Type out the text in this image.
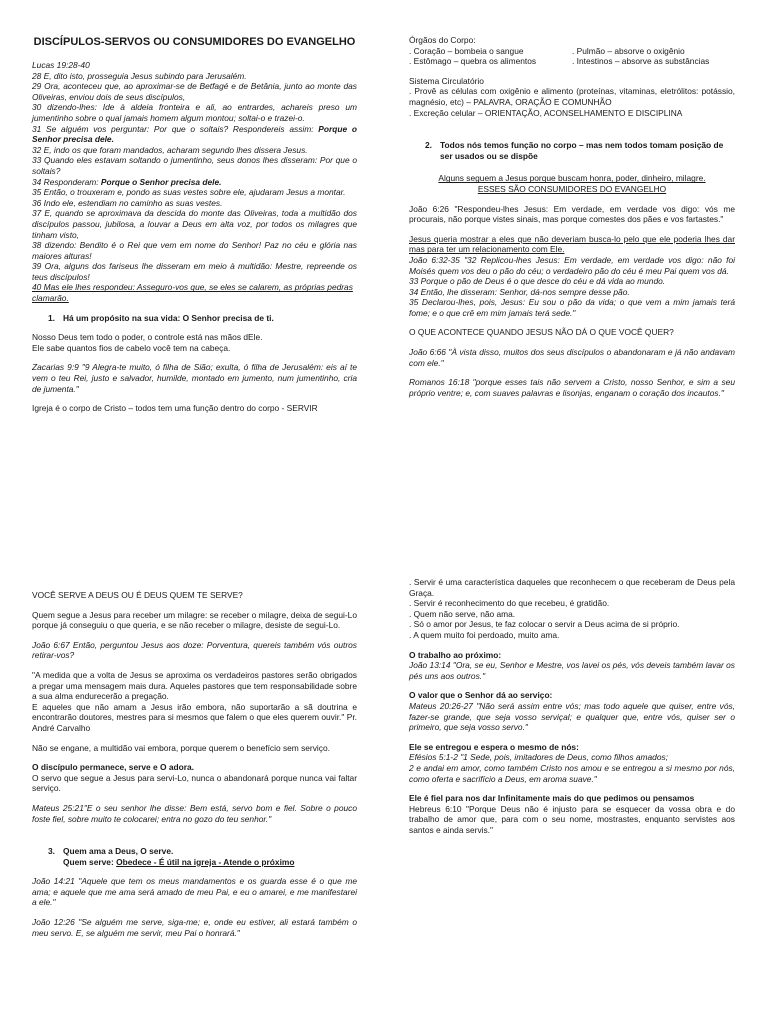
DISCÍPULOS-SERVOS OU CONSUMIDORES DO EVANGELHO

Lucas 19:28-40

28 E, dito isto, prosseguia Jesus subindo para Jerusalém.

29 Ora, aconteceu que, ao aproximar-se de Betfagé e de Betânia, junto ao monte das Oliveiras, enviou dois de seus discípulos,

30 dizendo-lhes: Ide à aldeia fronteira e ali, ao entrardes, achareis preso um jumentinho sobre o qual jamais homem algum montou; soltai-o e trazei-o.

31 Se alguém vos perguntar: Por que o soltais? Respondereis assim: Porque o Senhor precisa dele.

32 E, indo os que foram mandados, acharam segundo lhes dissera Jesus.

33 Quando eles estavam soltando o jumentinho, seus donos lhes disseram: Por que o soltais?

34 Responderam: Porque o Senhor precisa dele.

35 Então, o trouxeram e, pondo as suas vestes sobre ele, ajudaram Jesus a montar.

36 Indo ele, estendiam no caminho as suas vestes.

37 E, quando se aproximava da descida do monte das Oliveiras, toda a multidão dos discípulos passou, jubilosa, a louvar a Deus em alta voz, por todos os milagres que tinham visto,

38 dizendo: Bendito é o Rei que vem em nome do Senhor! Paz no céu e glória nas maiores alturas!

39 Ora, alguns dos fariseus lhe disseram em meio à multidão: Mestre, repreende os teus discípulos!

40 Mas ele lhes respondeu: Asseguro-vos que, se eles se calarem, as próprias pedras clamarão.

1. Há um propósito na sua vida: O Senhor precisa de ti.

Nosso Deus tem todo o poder, o controle está nas mãos dEle.

Ele sabe quantos fios de cabelo você tem na cabeça.

Zacarias 9:9 "9 Alegra-te muito, ó filha de Sião; exulta, ó filha de Jerusalém: eis aí te vem o teu Rei, justo e salvador, humilde, montado em jumento, num jumentinho, cria de jumenta."

Igreja é o corpo de Cristo – todos tem uma função dentro do corpo - SERVIR

Órgãos do Corpo:

. Coração – bombeia o sangue	. Pulmão – absorve o oxigênio
. Estômago – quebra os alimentos	. Intestinos – absorve as substâncias

Sistema Circulatório

. Provê as células com oxigênio e alimento (proteínas, vitaminas, eletrólitos: potássio, magnésio, etc) – PALAVRA, ORAÇÃO E COMUNHÃO

. Excreção celular – ORIENTAÇÃO, ACONSELHAMENTO E DISCIPLINA

2. Todos nós temos função no corpo – mas nem todos tomam posição de ser usados ou se dispõe

Alguns seguem a Jesus porque buscam honra, poder, dinheiro, milagre.

ESSES SÃO CONSUMIDORES DO EVANGELHO

João 6:26 "Respondeu-lhes Jesus: Em verdade, em verdade vos digo: vós me procurais, não porque vistes sinais, mas porque comestes dos pães e vos fartastes."

Jesus queria mostrar a eles que não deveriam busca-lo pelo que ele poderia lhes dar mas para ter um relacionamento com Ele.

João 6:32-35 "32 Replicou-lhes Jesus: Em verdade, em verdade vos digo: não foi Moisés quem vos deu o pão do céu; o verdadeiro pão do céu é meu Pai quem vos dá.

33 Porque o pão de Deus é o que desce do céu e dá vida ao mundo.

34 Então, lhe disseram: Senhor, dá-nos sempre desse pão.

35 Declarou-lhes, pois, Jesus: Eu sou o pão da vida; o que vem a mim jamais terá fome; e o que crê em mim jamais terá sede."

O QUE ACONTECE QUANDO JESUS NÃO DÁ O QUE VOCÊ QUER?

João 6:66 "À vista disso, muitos dos seus discípulos o abandonaram e já não andavam com ele."

Romanos 16:18 "porque esses tais não servem a Cristo, nosso Senhor, e sim a seu próprio ventre; e, com suaves palavras e lisonjas, enganam o coração dos incautos."

VOCÊ SERVE A DEUS OU É DEUS QUEM TE SERVE?

Quem segue a Jesus para receber um milagre: se receber o milagre, deixa de segui-Lo porque já conseguiu o que queria, e se não receber o milagre, desiste de segui-Lo.

João 6:67 Então, perguntou Jesus aos doze: Porventura, quereis também vós outros retirar-vos?

"A medida que a volta de Jesus se aproxima os verdadeiros pastores serão obrigados a pregar uma mensagem mais dura. Aqueles pastores que tem responsabilidade sobre a sua alma endurecerão a pregação.

E aqueles que não amam a Jesus irão embora, não suportarão a sã doutrina e encontrarão doutores, mestres para si mesmos que falem o que eles querem ouvir." Pr. André Carvalho

Não se engane, a multidão vai embora, porque querem o benefício sem serviço.

O discípulo permanece, serve e O adora.

O servo que segue a Jesus para servi-Lo, nunca o abandonará porque nunca vai faltar serviço.

Mateus 25:21"E o seu senhor lhe disse: Bem está, servo bom e fiel. Sobre o pouco foste fiel, sobre muito te colocarei; entra no gozo do teu senhor."

3. Quem ama a Deus, O serve.
Quem serve: Obedece - É útil na igreja - Atende o próximo

João 14:21 "Aquele que tem os meus mandamentos e os guarda esse é o que me ama; e aquele que me ama será amado de meu Pai, e eu o amarei, e me manifestarei a ele."

João 12:26 "Se alguém me serve, siga-me; e, onde eu estiver, ali estará também o meu servo. E, se alguém me servir, meu Pai o honrará."

. Servir é uma característica daqueles que reconhecem o que receberam de Deus pela Graça.

. Servir é reconhecimento do que recebeu, é gratidão.

. Quem não serve, não ama.

. Só o amor por Jesus, te faz colocar o servir a Deus acima de si próprio.

. A quem muito foi perdoado, muito ama.

O trabalho ao próximo:

João 13:14 "Ora, se eu, Senhor e Mestre, vos lavei os pés, vós deveis também lavar os pés uns aos outros."

O valor que o Senhor dá ao serviço:

Mateus 20:26-27 "Não será assim entre vós; mas todo aquele que quiser, entre vós, fazer-se grande, que seja vosso serviçal; e qualquer que, entre vós, quiser ser o primeiro, que seja vosso servo."

Ele se entregou e espera o mesmo de nós:

Efésios 5:1-2 "1 Sede, pois, imitadores de Deus, como filhos amados;

2 e andai em amor, como também Cristo nos amou e se entregou a si mesmo por nós, como oferta e sacrifício a Deus, em aroma suave."

Ele é fiel para nos dar Infinitamente mais do que pedimos ou pensamos

Hebreus 6:10 "Porque Deus não é injusto para se esquecer da vossa obra e do trabalho de amor que, para com o seu nome, mostrastes, enquanto servistes aos santos e ainda servis."
